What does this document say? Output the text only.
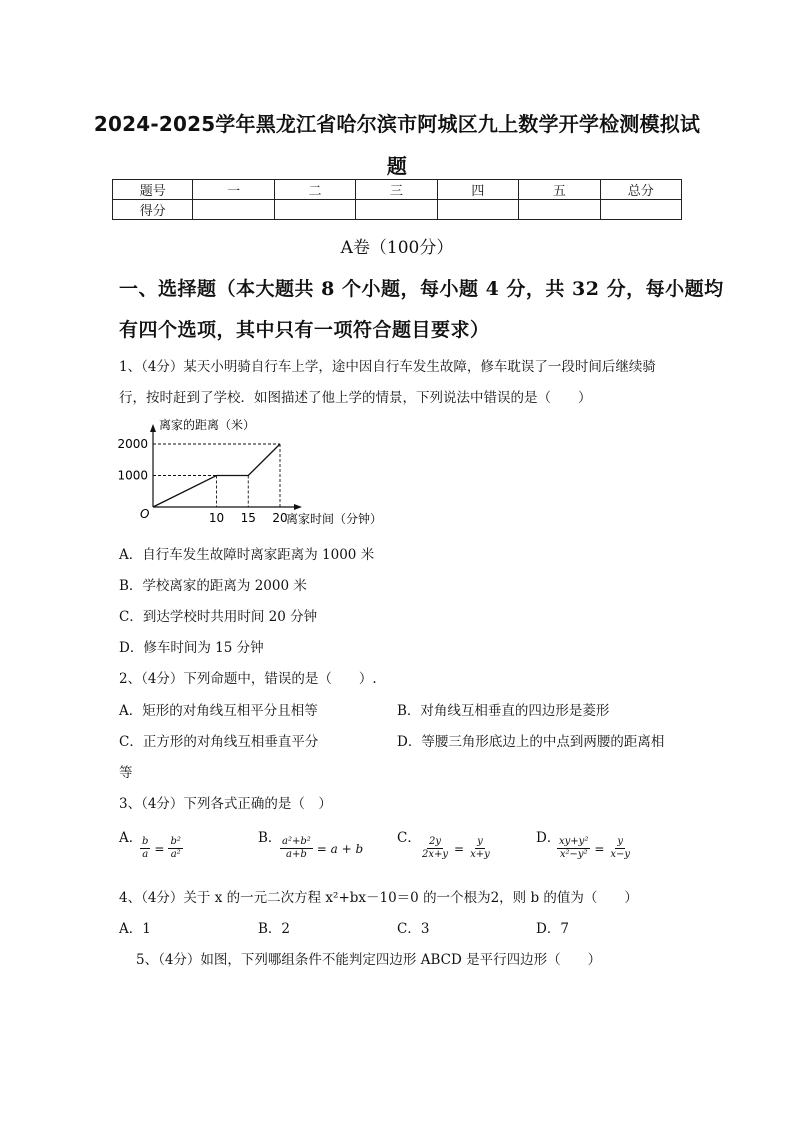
2024-2025学年黑龙江省哈尔滨市阿城区九上数学开学检测模拟试
题
题号	一	二	三	四	五	总分
得分						
A卷（100分）
一、选择题（本大题共 8 个小题，每小题 4 分，共 32 分，每小题均
有四个选项，其中只有一项符合题目要求）
1、（4分）某天小明骑自行车上学，途中因自行车发生故障，修车耽误了一段时间后继续骑
行，按时赶到了学校．如图描述了他上学的情景，下列说法中错误的是（　　）
10 15 20
1000
2000
O
离家的距离（米）
离家时间（分钟）
A．自行车发生故障时离家距离为 1000 米
B．学校离家的距离为 2000 米
C．到达学校时共用时间 20 分钟
D．修车时间为 15 分钟
2、（4分）下列命题中，错误的是（　　）.
A．矩形的对角线互相平分且相等	B．对角线互相垂直的四边形是菱形
C．正方形的对角线互相垂直平分	D．等腰三角形底边上的中点到两腰的距离相
等
3、（4分）下列各式正确的是（　）
A．
$\frac{b}{a} = \frac{\text{b²}}{\text{a²}}$	B．
$\frac{\text{a²+b²}}{a+b} = a + b$
C． $\frac{2y}{2x+y} = \frac{y}{x+y}$	D．
$\frac{\text{xy+y²}}{\text{x²−y²}} = \frac{y}{x-y}$
4、（4分）关于 x 的一元二次方程 x²+bx－10＝0 的一个根为2，则 b 的值为（　　）
A．1	B．2	C．3	D．7
5、（4分）如图，下列哪组条件不能判定四边形 ABCD 是平行四边形（　　）
